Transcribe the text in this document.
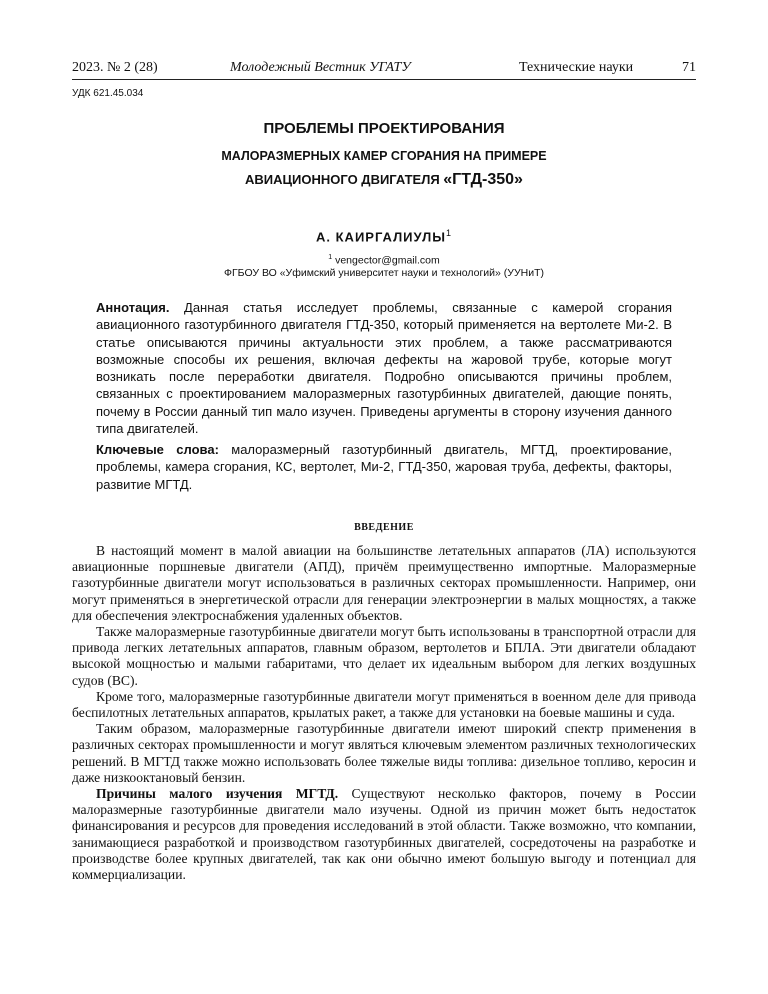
2023. № 2 (28)	Молодежный Вестник УГАТУ	Технические науки	71
УДК 621.45.034
ПРОБЛЕМЫ ПРОЕКТИРОВАНИЯ
МАЛОРАЗМЕРНЫХ КАМЕР СГОРАНИЯ НА ПРИМЕРЕ
АВИАЦИОННОГО ДВИГАТЕЛЯ «ГТД-350»
А. КАИРГАЛИУЛЫ$^1$
$^1$ vengector@gmail.com
ФГБОУ ВО «Уфимский университет науки и технологий» (УУНиТ)
Аннотация. Данная статья исследует проблемы, связанные с камерой сгорания авиационного газотурбинного двигателя ГТД-350, который применяется на вертолете Ми-2. В статье описываются причины актуальности этих проблем, а также рассматриваются возможные способы их решения, включая дефекты на жаровой трубе, которые могут возникать после переработки двигателя. Подробно описываются причины проблем, связанных с проектированием малоразмерных газотурбинных двигателей, дающие понять, почему в России данный тип мало изучен. Приведены аргументы в сторону изучения данного типа двигателей.
Ключевые слова: малоразмерный газотурбинный двигатель, МГТД, проектирование, проблемы, камера сгорания, КС, вертолет, Ми-2, ГТД-350, жаровая труба, дефекты, факторы, развитие МГТД.
ВВЕДЕНИЕ

В настоящий момент в малой авиации на большинстве летательных аппаратов (ЛА) используются авиационные поршневые двигатели (АПД), причём преимущественно импортные. Малоразмерные газотурбинные двигатели могут использоваться в различных секторах промышленности. Например, они могут применяться в энергетической отрасли для генерации электроэнергии в малых мощностях, а также для обеспечения электроснабжения удаленных объектов.

Также малоразмерные газотурбинные двигатели могут быть использованы в транспортной отрасли для привода легких летательных аппаратов, главным образом, вертолетов и БПЛА. Эти двигатели обладают высокой мощностью и малыми габаритами, что делает их идеальным выбором для легких воздушных судов (ВС).

Кроме того, малоразмерные газотурбинные двигатели могут применяться в военном деле для привода беспилотных летательных аппаратов, крылатых ракет, а также для установки на боевые машины и суда.

Таким образом, малоразмерные газотурбинные двигатели имеют широкий спектр применения в различных секторах промышленности и могут являться ключевым элементом различных технологических решений. В МГТД также можно использовать более тяжелые виды топлива: дизельное топливо, керосин и даже низкооктановый бензин.

Причины малого изучения МГТД. Существуют несколько факторов, почему в России малоразмерные газотурбинные двигатели мало изучены. Одной из причин может быть недостаток финансирования и ресурсов для проведения исследований в этой области. Также возможно, что компании, занимающиеся разработкой и производством газотурбинных двигателей, сосредоточены на разработке и производстве более крупных двигателей, так как они обычно имеют большую выгоду и потенциал для коммерциализации.
